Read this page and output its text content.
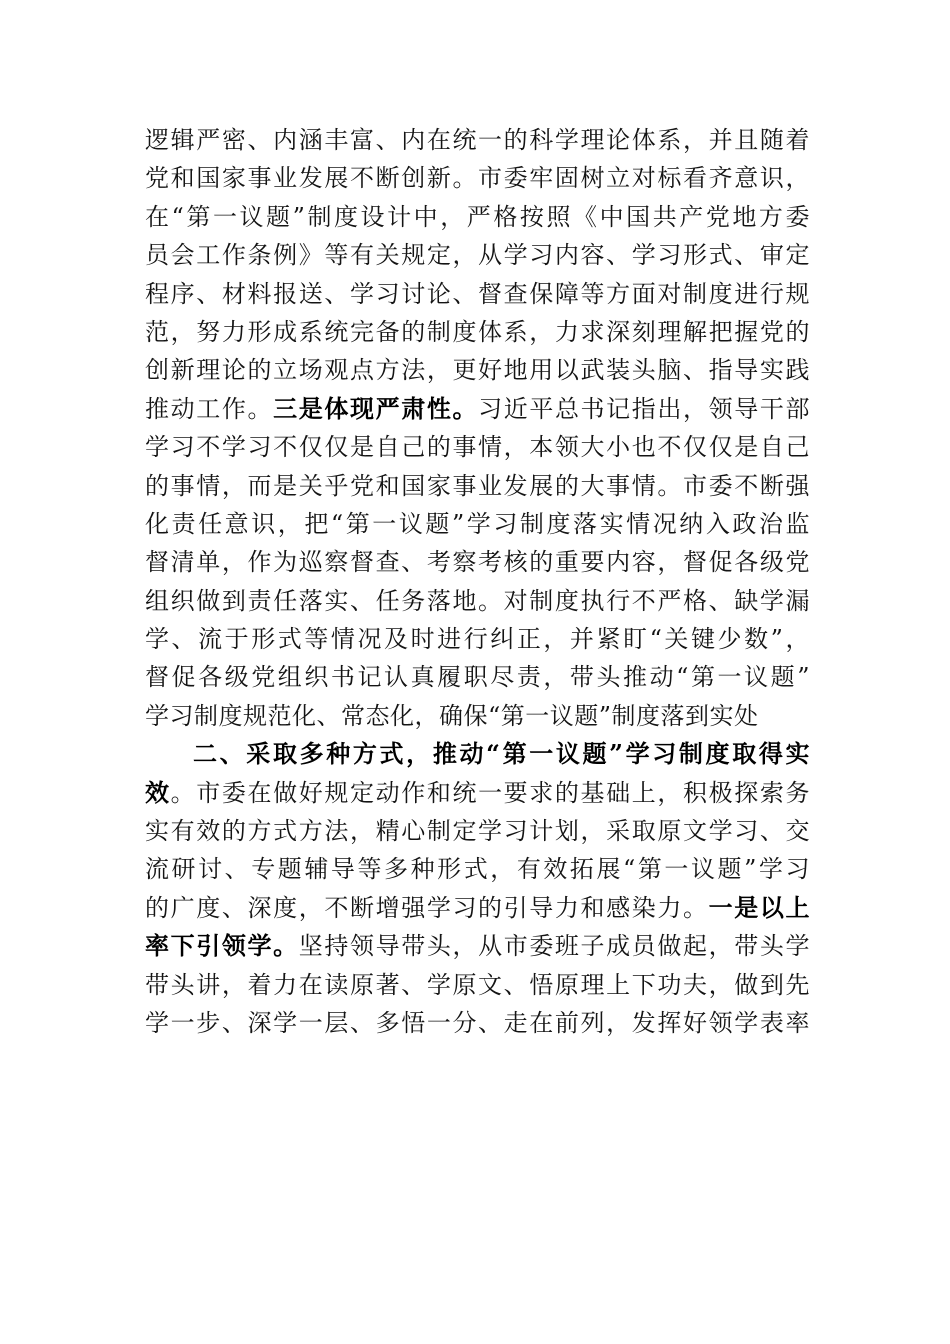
逻辑严密、内涵丰富、内在统一的科学理论体系，并且随着
党和国家事业发展不断创新。市委牢固树立对标看齐意识，
在“第一议题”制度设计中，严格按照《中国共产党地方委
员会工作条例》等有关规定，从学习内容、学习形式、审定
程序、材料报送、学习讨论、督查保障等方面对制度进行规
范，努力形成系统完备的制度体系，力求深刻理解把握党的
创新理论的立场观点方法，更好地用以武装头脑、指导实践
推动工作。三是体现严肃性。习近平总书记指出，领导干部
学习不学习不仅仅是自己的事情，本领大小也不仅仅是自己
的事情，而是关乎党和国家事业发展的大事情。市委不断强
化责任意识，把“第一议题”学习制度落实情况纳入政治监
督清单，作为巡察督查、考察考核的重要内容，督促各级党
组织做到责任落实、任务落地。对制度执行不严格、缺学漏
学、流于形式等情况及时进行纠正，并紧盯“关键少数”，
督促各级党组织书记认真履职尽责，带头推动“第一议题”
学习制度规范化、常态化，确保“第一议题”制度落到实处
二、采取多种方式，推动“第一议题”学习制度取得实
效。市委在做好规定动作和统一要求的基础上，积极探索务
实有效的方式方法，精心制定学习计划，采取原文学习、交
流研讨、专题辅导等多种形式，有效拓展“第一议题”学习
的广度、深度，不断增强学习的引导力和感染力。一是以上
率下引领学。坚持领导带头，从市委班子成员做起，带头学
带头讲，着力在读原著、学原文、悟原理上下功夫，做到先
学一步、深学一层、多悟一分、走在前列，发挥好领学表率
